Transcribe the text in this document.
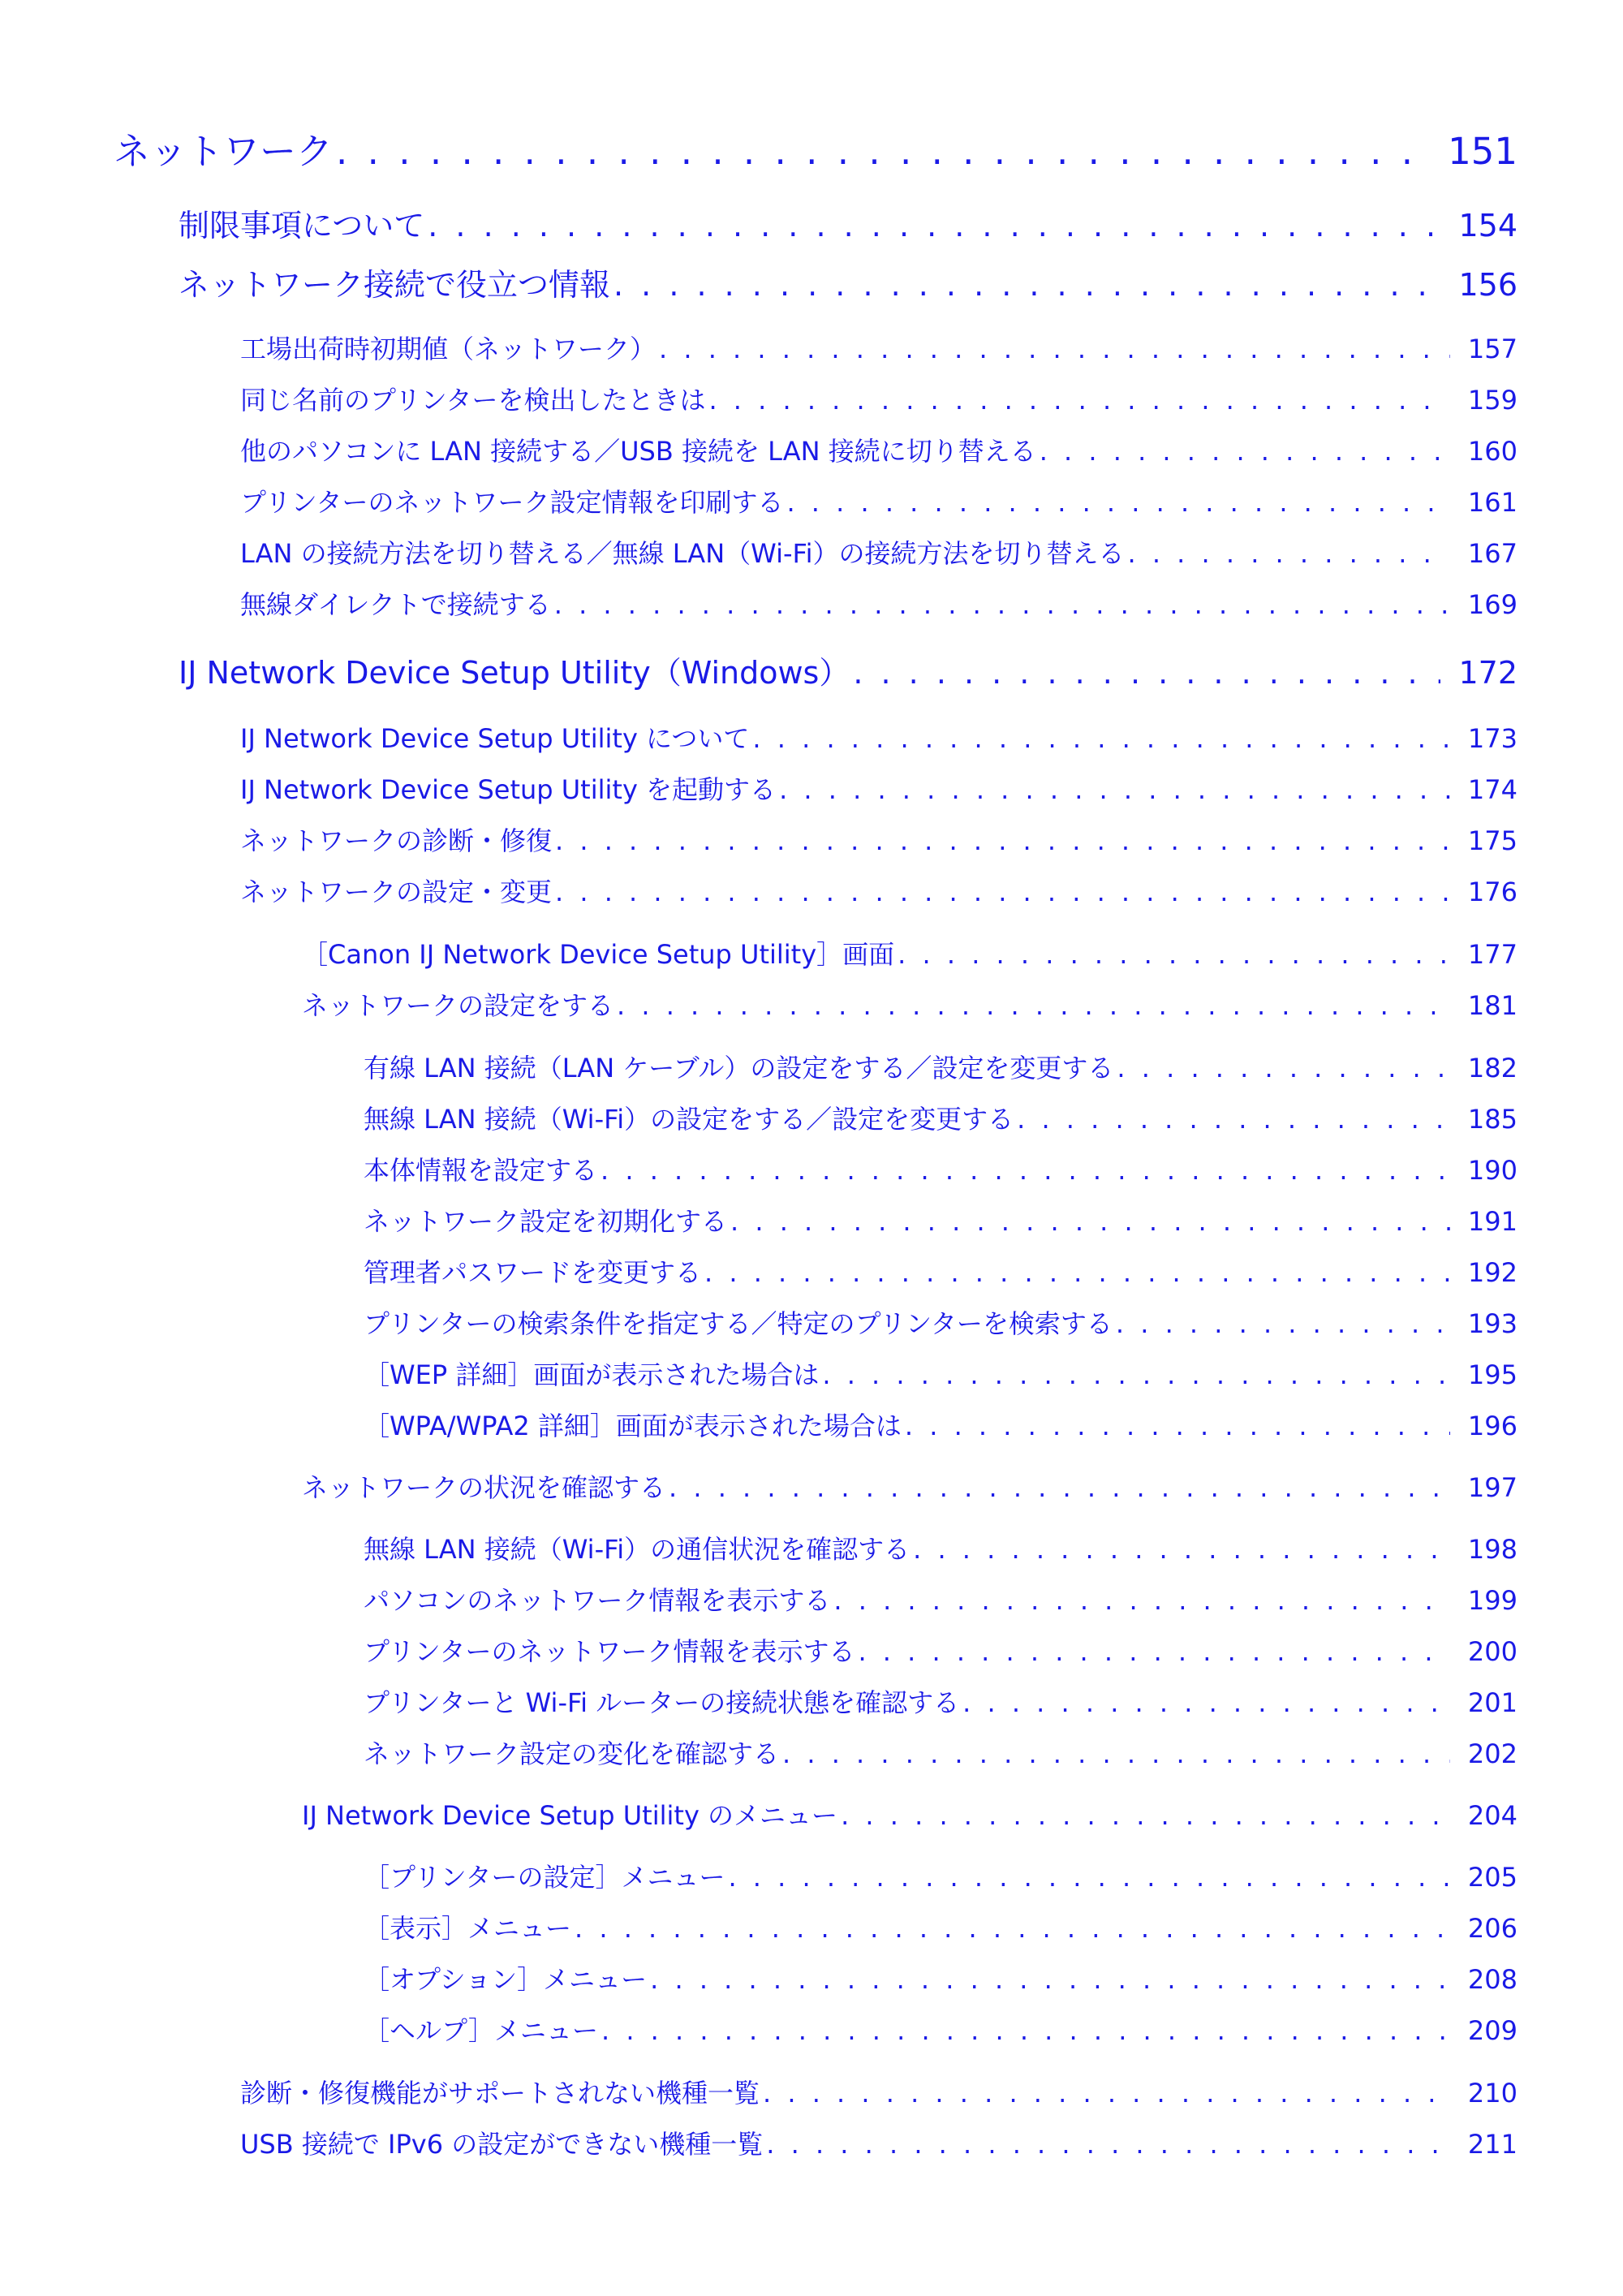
ネットワーク . . .	151
制限事項について . . .	154
ネットワーク接続で役立つ情報 . . .	156
工場出荷時初期値（ネットワーク） . . .	157
同じ名前のプリンターを検出したときは . . .	159
他のパソコンに LAN 接続する／USB 接続を LAN 接続に切り替える . . .	160
プリンターのネットワーク設定情報を印刷する . . .	161
LAN の接続方法を切り替える／無線 LAN（Wi-Fi）の接続方法を切り替える . . .	167
無線ダイレクトで接続する . . .	169
IJ Network Device Setup Utility（Windows） . . .	172
IJ Network Device Setup Utility について . . .	173
IJ Network Device Setup Utility を起動する . . .	174
ネットワークの診断・修復 . . .	175
ネットワークの設定・変更 . . .	176
［Canon IJ Network Device Setup Utility］画面 . . .	177
ネットワークの設定をする . . .	181
有線 LAN 接続（LAN ケーブル）の設定をする／設定を変更する . . .	182
無線 LAN 接続（Wi-Fi）の設定をする／設定を変更する . . .	185
本体情報を設定する . . .	190
ネットワーク設定を初期化する . . .	191
管理者パスワードを変更する . . .	192
プリンターの検索条件を指定する／特定のプリンターを検索する . . .	193
［WEP 詳細］画面が表示された場合は . . .	195
［WPA/WPA2 詳細］画面が表示された場合は . . .	196
ネットワークの状況を確認する . . .	197
無線 LAN 接続（Wi-Fi）の通信状況を確認する . . .	198
パソコンのネットワーク情報を表示する . . .	199
プリンターのネットワーク情報を表示する . . .	200
プリンターと Wi-Fi ルーターの接続状態を確認する . . .	201
ネットワーク設定の変化を確認する . . .	202
IJ Network Device Setup Utility のメニュー . . .	204
［プリンターの設定］メニュー . . .	205
［表示］メニュー . . .	206
［オプション］メニュー . . .	208
［ヘルプ］メニュー . . .	209
診断・修復機能がサポートされない機種一覧 . . .	210
USB 接続で IPv6 の設定ができない機種一覧 . . .	211
